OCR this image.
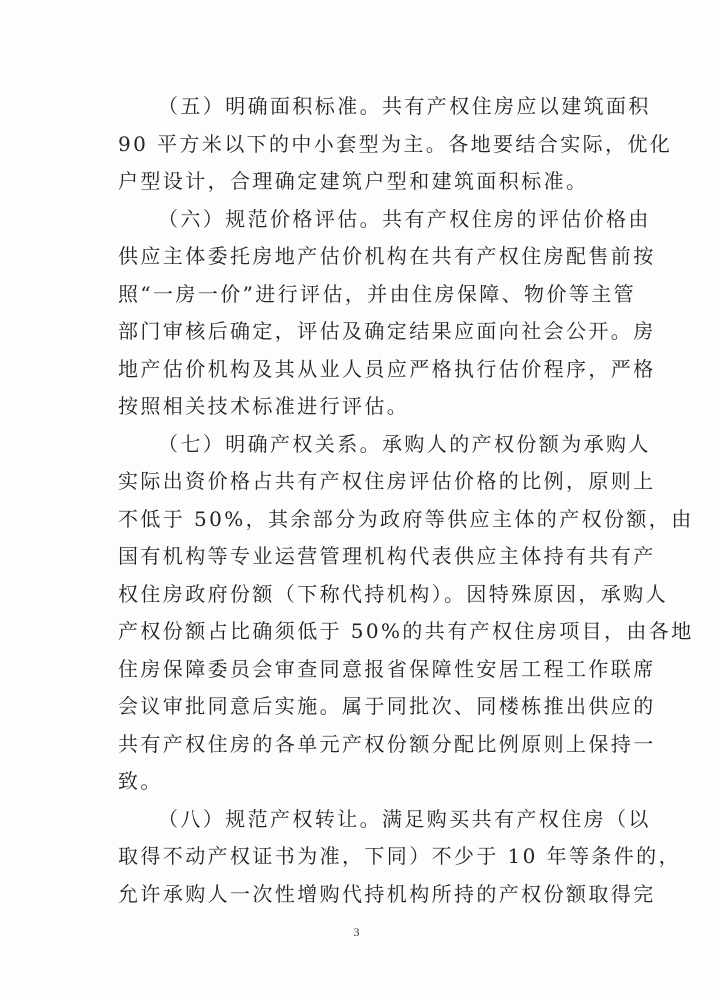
（五）明确面积标准。共有产权住房应以建筑面积
90 平方米以下的中小套型为主。各地要结合实际，优化
户型设计，合理确定建筑户型和建筑面积标准。
（六）规范价格评估。共有产权住房的评估价格由
供应主体委托房地产估价机构在共有产权住房配售前按
照“一房一价”进行评估，并由住房保障、物价等主管
部门审核后确定，评估及确定结果应面向社会公开。房
地产估价机构及其从业人员应严格执行估价程序，严格
按照相关技术标准进行评估。
（七）明确产权关系。承购人的产权份额为承购人
实际出资价格占共有产权住房评估价格的比例，原则上
不低于 50%，其余部分为政府等供应主体的产权份额，由
国有机构等专业运营管理机构代表供应主体持有共有产
权住房政府份额（下称代持机构）。因特殊原因，承购人
产权份额占比确须低于 50%的共有产权住房项目，由各地
住房保障委员会审查同意报省保障性安居工程工作联席
会议审批同意后实施。属于同批次、同楼栋推出供应的
共有产权住房的各单元产权份额分配比例原则上保持一
致。
（八）规范产权转让。满足购买共有产权住房（以
取得不动产权证书为准，下同）不少于 10 年等条件的，
允许承购人一次性增购代持机构所持的产权份额取得完
3
